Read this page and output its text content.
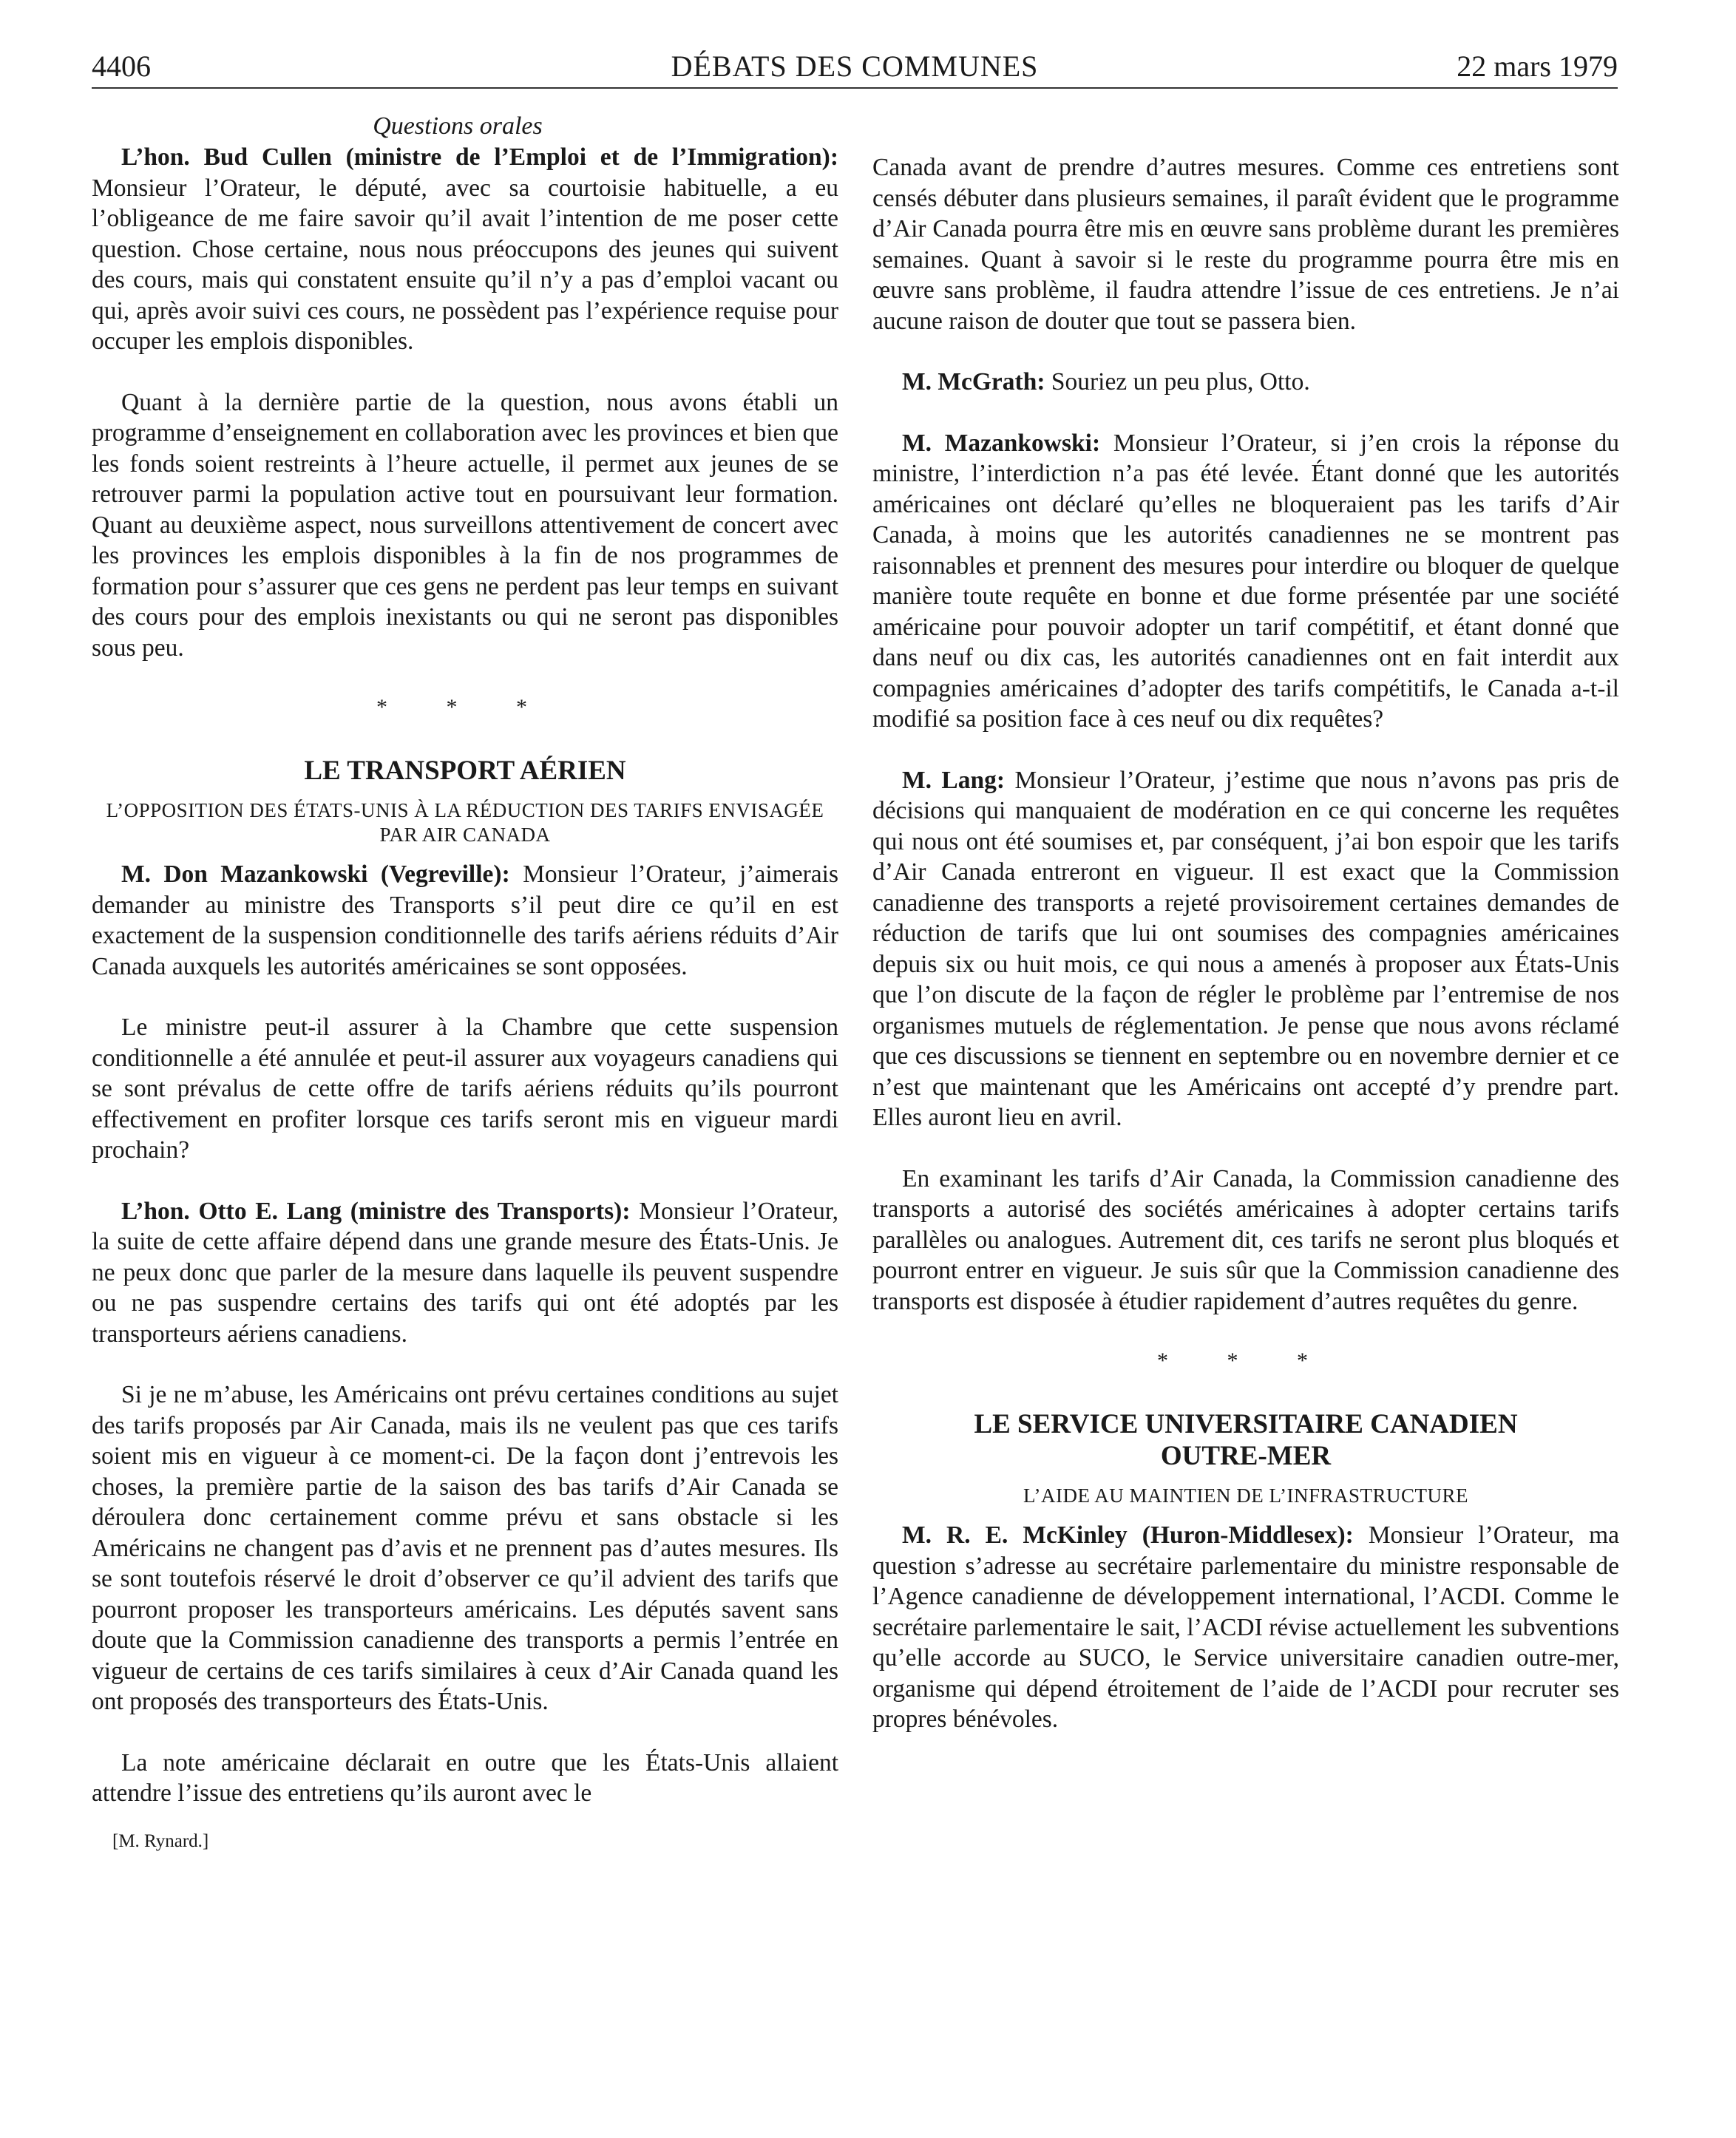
4406	DÉBATS DES COMMUNES	22 mars 1979

Questions orales

L’hon. Bud Cullen (ministre de l’Emploi et de l’Immigration): Monsieur l’Orateur, le député, avec sa courtoisie habituelle, a eu l’obligeance de me faire savoir qu’il avait l’intention de me poser cette question. Chose certaine, nous nous préoccupons des jeunes qui suivent des cours, mais qui constatent ensuite qu’il n’y a pas d’emploi vacant ou qui, après avoir suivi ces cours, ne possèdent pas l’expérience requise pour occuper les emplois disponibles.

Quant à la dernière partie de la question, nous avons établi un programme d’enseignement en collaboration avec les provinces et bien que les fonds soient restreints à l’heure actuelle, il permet aux jeunes de se retrouver parmi la population active tout en poursuivant leur formation. Quant au deuxième aspect, nous surveillons attentivement de concert avec les provinces les emplois disponibles à la fin de nos programmes de formation pour s’assurer que ces gens ne perdent pas leur temps en suivant des cours pour des emplois inexistants ou qui ne seront pas disponibles sous peu.

* * *

LE TRANSPORT AÉRIEN

L’OPPOSITION DES ÉTATS-UNIS À LA RÉDUCTION DES TARIFS ENVISAGÉE PAR AIR CANADA

M. Don Mazankowski (Vegreville): Monsieur l’Orateur, j’aimerais demander au ministre des Transports s’il peut dire ce qu’il en est exactement de la suspension conditionnelle des tarifs aériens réduits d’Air Canada auxquels les autorités américaines se sont opposées.

Le ministre peut-il assurer à la Chambre que cette suspension conditionnelle a été annulée et peut-il assurer aux voyageurs canadiens qui se sont prévalus de cette offre de tarifs aériens réduits qu’ils pourront effectivement en profiter lorsque ces tarifs seront mis en vigueur mardi prochain?

L’hon. Otto E. Lang (ministre des Transports): Monsieur l’Orateur, la suite de cette affaire dépend dans une grande mesure des États-Unis. Je ne peux donc que parler de la mesure dans laquelle ils peuvent suspendre ou ne pas suspendre certains des tarifs qui ont été adoptés par les transporteurs aériens canadiens.

Si je ne m’abuse, les Américains ont prévu certaines conditions au sujet des tarifs proposés par Air Canada, mais ils ne veulent pas que ces tarifs soient mis en vigueur à ce moment-ci. De la façon dont j’entrevois les choses, la première partie de la saison des bas tarifs d’Air Canada se déroulera donc certainement comme prévu et sans obstacle si les Américains ne changent pas d’avis et ne prennent pas d’autes mesures. Ils se sont toutefois réservé le droit d’observer ce qu’il advient des tarifs que pourront proposer les transporteurs américains. Les députés savent sans doute que la Commission canadienne des transports a permis l’entrée en vigueur de certains de ces tarifs similaires à ceux d’Air Canada quand les ont proposés des transporteurs des États-Unis.

La note américaine déclarait en outre que les États-Unis allaient attendre l’issue des entretiens qu’ils auront avec le

[M. Rynard.]

Canada avant de prendre d’autres mesures. Comme ces entretiens sont censés débuter dans plusieurs semaines, il paraît évident que le programme d’Air Canada pourra être mis en œuvre sans problème durant les premières semaines. Quant à savoir si le reste du programme pourra être mis en œuvre sans problème, il faudra attendre l’issue de ces entretiens. Je n’ai aucune raison de douter que tout se passera bien.

M. McGrath: Souriez un peu plus, Otto.

M. Mazankowski: Monsieur l’Orateur, si j’en crois la réponse du ministre, l’interdiction n’a pas été levée. Étant donné que les autorités américaines ont déclaré qu’elles ne bloqueraient pas les tarifs d’Air Canada, à moins que les autorités canadiennes ne se montrent pas raisonnables et prennent des mesures pour interdire ou bloquer de quelque manière toute requête en bonne et due forme présentée par une société américaine pour pouvoir adopter un tarif compétitif, et étant donné que dans neuf ou dix cas, les autorités canadiennes ont en fait interdit aux compagnies américaines d’adopter des tarifs compétitifs, le Canada a-t-il modifié sa position face à ces neuf ou dix requêtes?

M. Lang: Monsieur l’Orateur, j’estime que nous n’avons pas pris de décisions qui manquaient de modération en ce qui concerne les requêtes qui nous ont été soumises et, par conséquent, j’ai bon espoir que les tarifs d’Air Canada entreront en vigueur. Il est exact que la Commission canadienne des transports a rejeté provisoirement certaines demandes de réduction de tarifs que lui ont soumises des compagnies américaines depuis six ou huit mois, ce qui nous a amenés à proposer aux États-Unis que l’on discute de la façon de régler le problème par l’entremise de nos organismes mutuels de réglementation. Je pense que nous avons réclamé que ces discussions se tiennent en septembre ou en novembre dernier et ce n’est que maintenant que les Américains ont accepté d’y prendre part. Elles auront lieu en avril.

En examinant les tarifs d’Air Canada, la Commission canadienne des transports a autorisé des sociétés américaines à adopter certains tarifs parallèles ou analogues. Autrement dit, ces tarifs ne seront plus bloqués et pourront entrer en vigueur. Je suis sûr que la Commission canadienne des transports est disposée à étudier rapidement d’autres requêtes du genre.

* * *

LE SERVICE UNIVERSITAIRE CANADIEN
OUTRE-MER

L’AIDE AU MAINTIEN DE L’INFRASTRUCTURE

M. R. E. McKinley (Huron-Middlesex): Monsieur l’Orateur, ma question s’adresse au secrétaire parlementaire du ministre responsable de l’Agence canadienne de développement international, l’ACDI. Comme le secrétaire parlementaire le sait, l’ACDI révise actuellement les subventions qu’elle accorde au SUCO, le Service universitaire canadien outre-mer, organisme qui dépend étroitement de l’aide de l’ACDI pour recruter ses propres bénévoles.
